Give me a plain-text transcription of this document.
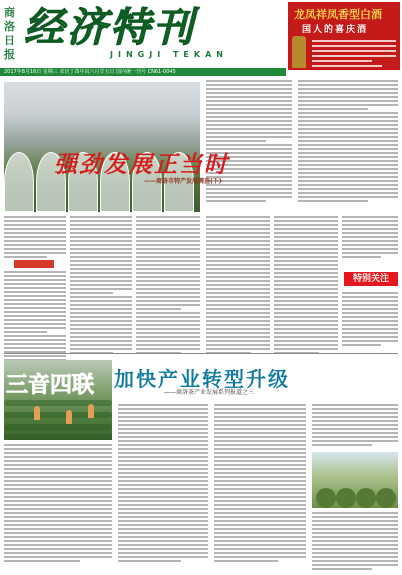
商洛日报
经济特刊
JINGJI TEKAN
龙凤祥凤香型白酒
国人的喜庆酒
2017年8月16日 星期三 农历丁酉年闰六月廿五日 国内统一刊号 CN61-0045
强劲发展正当时
——商洛市特产发展调查(下)
特别关注
三音四联 加快产业转型升级
——商洛茶产业发展系列报道之三
